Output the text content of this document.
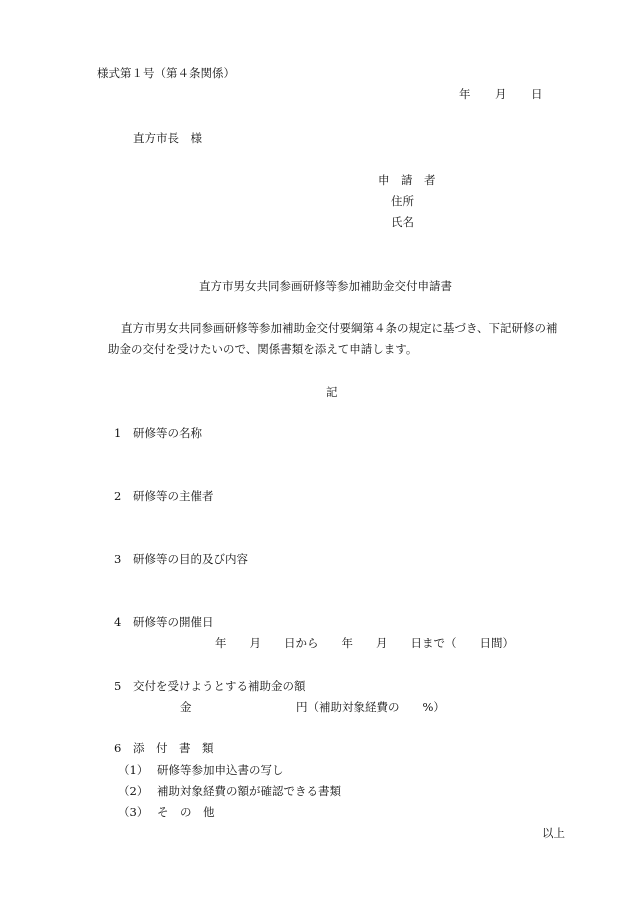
様式第１号（第４条関係）
年 月 日
直方市長　様
申　請　者
住所
氏名
直方市男女共同参画研修等参加補助金交付申請書
直方市男女共同参画研修等参加補助金交付要綱第４条の規定に基づき、下記研修の補
助金の交付を受けたいので、関係書類を添えて申請します。
記
1 研修等の名称
2 研修等の主催者
3 研修等の目的及び内容
4 研修等の開催日
年　　月　　日から　　年　　月　　日まで（　　日間）
5 交付を受けようとする補助金の額
金	円（補助対象経費の　　%）
6 添　付　書　類
（1） 研修等参加申込書の写し
（2） 補助対象経費の額が確認できる書類
（3） そ　の　他
以上
